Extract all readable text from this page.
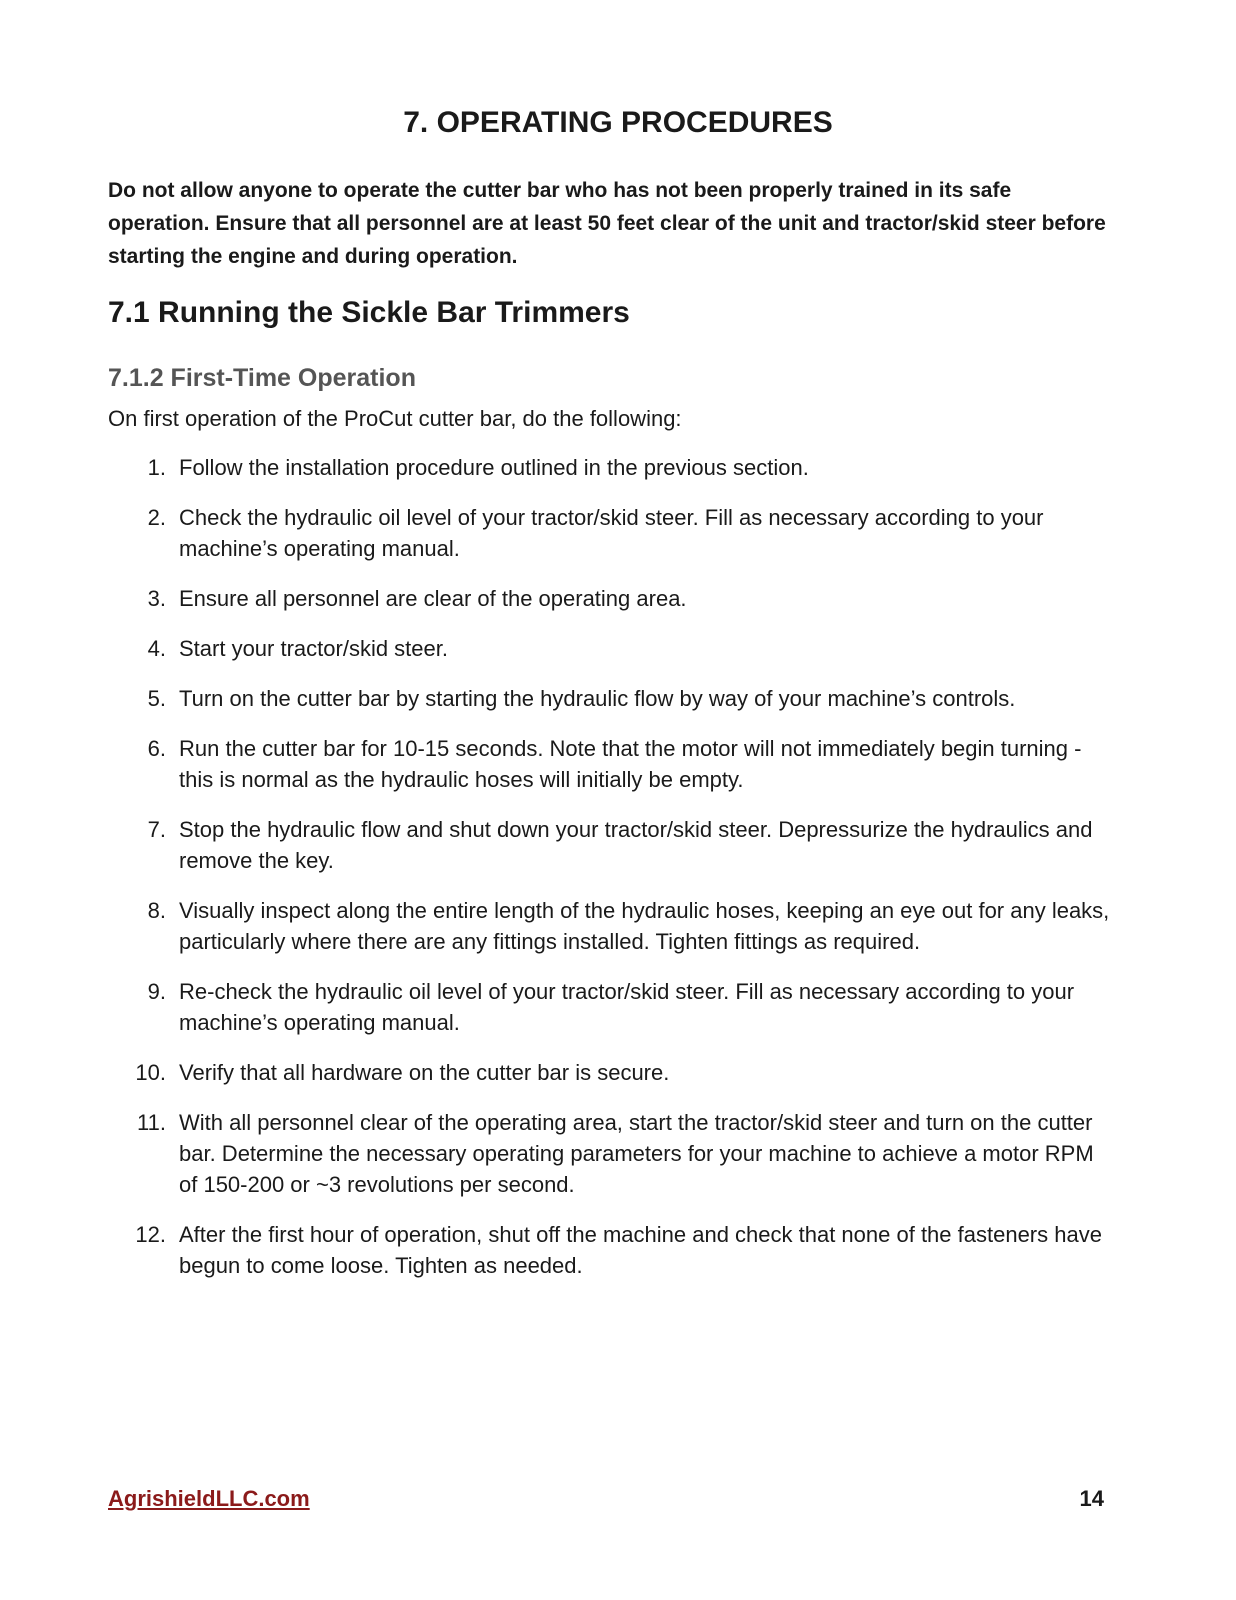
7. OPERATING PROCEDURES

Do not allow anyone to operate the cutter bar who has not been properly trained in its safe operation. Ensure that all personnel are at least 50 feet clear of the unit and tractor/skid steer before starting the engine and during operation.

7.1 Running the Sickle Bar Trimmers
7.1.2 First-Time Operation

On first operation of the ProCut cutter bar, do the following:

1. Follow the installation procedure outlined in the previous section.
2. Check the hydraulic oil level of your tractor/skid steer. Fill as necessary according to your machine’s operating manual.
3. Ensure all personnel are clear of the operating area.
4. Start your tractor/skid steer.
5. Turn on the cutter bar by starting the hydraulic flow by way of your machine’s controls.
6. Run the cutter bar for 10-15 seconds. Note that the motor will not immediately begin turning - this is normal as the hydraulic hoses will initially be empty.
7. Stop the hydraulic flow and shut down your tractor/skid steer. Depressurize the hydraulics and remove the key.
8. Visually inspect along the entire length of the hydraulic hoses, keeping an eye out for any leaks, particularly where there are any fittings installed. Tighten fittings as required.
9. Re-check the hydraulic oil level of your tractor/skid steer. Fill as necessary according to your machine’s operating manual.
10. Verify that all hardware on the cutter bar is secure.
11. With all personnel clear of the operating area, start the tractor/skid steer and turn on the cutter bar. Determine the necessary operating parameters for your machine to achieve a motor RPM of 150-200 or ~3 revolutions per second.
12. After the first hour of operation, shut off the machine and check that none of the fasteners have begun to come loose. Tighten as needed.
AgrishieldLLC.com	14
